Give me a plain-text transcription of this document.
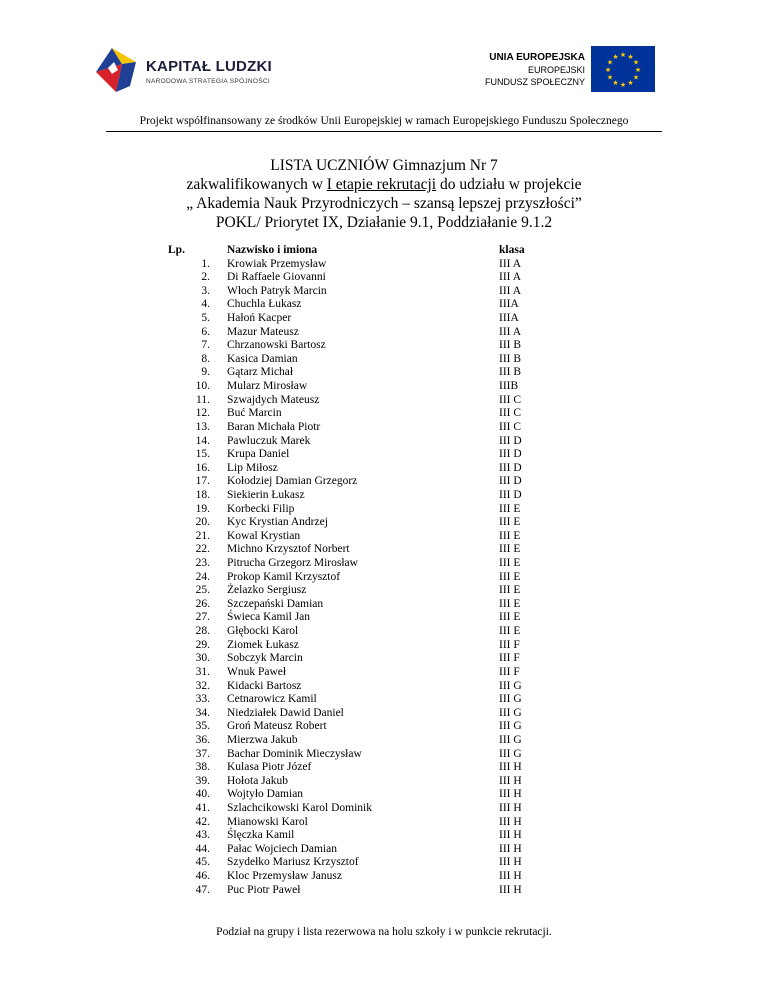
KAPITAŁ LUDZKI
NARODOWA STRATEGIA SPÓJNOŚCI
UNIA EUROPEJSKA
EUROPEJSKI
FUNDUSZ SPOŁECZNY
★ ★
★
★
★
★
★
★
★
★
★
★
Projekt współfinansowany ze środków Unii Europejskiej w ramach Europejskiego Funduszu Społecznego
LISTA UCZNIÓW Gimnazjum Nr 7
zakwalifikowanych w I etapie rekrutacji do udziału w projekcie
„ Akademia Nauk Przyrodniczych – szansą lepszej przyszłości”
POKL/ Priorytet IX, Działanie 9.1, Poddziałanie 9.1.2
Lp.	Nazwisko i imiona	klasa
1. Krowiak Przemysław	III A
2. Di Raffaele Giovanni	III A
3. Włoch Patryk Marcin	III A
4. Chuchla Łukasz	IIIA
5. Hałoń Kacper	IIIA
6. Mazur Mateusz	III A
7. Chrzanowski Bartosz	III B
8. Kasica Damian	III B
9. Gątarz Michał	III B
10. Mularz Mirosław	IIIB
11. Szwajdych Mateusz	III C
12. Buć Marcin	III C
13. Baran Michała Piotr	III C
14. Pawluczuk Marek	III D
15. Krupa Daniel	III D
16. Lip Miłosz	III D
17. Kołodziej Damian Grzegorz	III D
18. Siekierin Łukasz	III D
19. Korbecki Filip	III E
20. Kyc Krystian Andrzej	III E
21. Kowal Krystian	III E
22. Michno Krzysztof Norbert	III E
23. Pitrucha Grzegorz Mirosław	III E
24. Prokop Kamil Krzysztof	III E
25. Żelazko Sergiusz	III E
26. Szczepański Damian	III E
27. Świeca Kamil Jan	III E
28. Głębocki Karol	III E
29. Ziomek Łukasz	III F
30. Sobczyk Marcin	III F
31. Wnuk Paweł	III F
32. Kidacki Bartosz	III G
33. Cetnarowicz Kamil	III G
34. Niedziałek Dawid Daniel	III G
35. Groń Mateusz Robert	III G
36. Mierzwa Jakub	III G
37. Bachar Dominik Mieczysław	III G
38. Kulasa Piotr Józef	III H
39. Hołota Jakub	III H
40. Wojtyło Damian	III H
41. Szlachcikowski Karol Dominik	III H
42. Mianowski Karol	III H
43. Ślęczka Kamil	III H
44. Pałac Wojciech Damian	III H
45. Szydełko Mariusz Krzysztof	III H
46. Kloc Przemysław Janusz	III H
47. Puc Piotr Paweł	III H
Podział na grupy i lista rezerwowa na holu szkoły i w punkcie rekrutacji.
